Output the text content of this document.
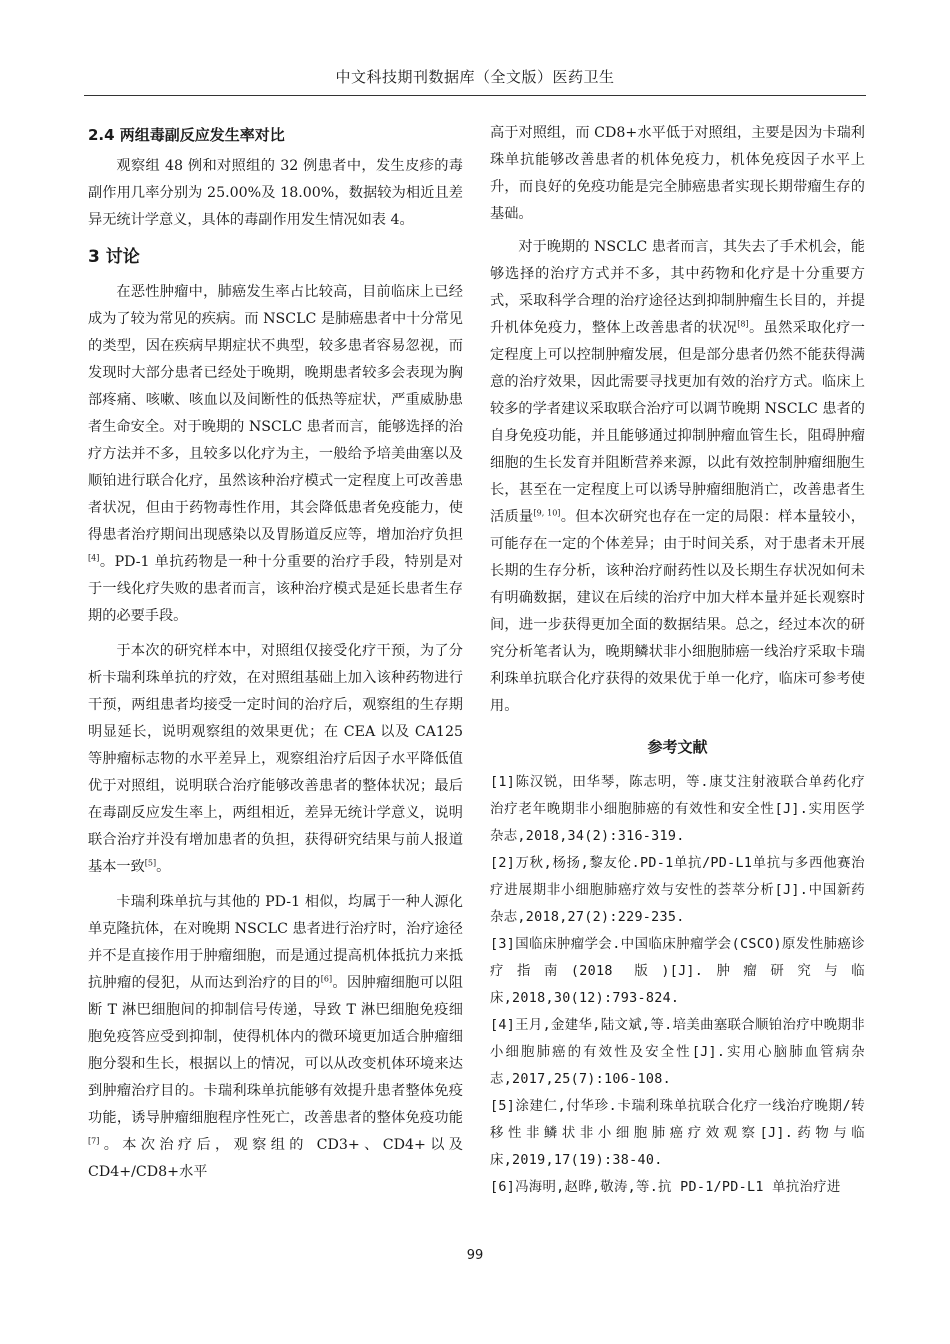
中文科技期刊数据库（全文版）医药卫生
2.4 两组毒副反应发生率对比

观察组 48 例和对照组的 32 例患者中，发生皮疹的毒副作用几率分别为 25.00%及 18.00%，数据较为相近且差异无统计学意义，具体的毒副作用发生情况如表 4。

3 讨论

在恶性肿瘤中，肺癌发生率占比较高，目前临床上已经成为了较为常见的疾病。而 NSCLC 是肺癌患者中十分常见的类型，因在疾病早期症状不典型，较多患者容易忽视，而发现时大部分患者已经处于晚期，晚期患者较多会表现为胸部疼痛、咳嗽、咳血以及间断性的低热等症状，严重威胁患者生命安全。对于晚期的 NSCLC 患者而言，能够选择的治疗方法并不多，且较多以化疗为主，一般给予培美曲塞以及顺铂进行联合化疗，虽然该种治疗模式一定程度上可改善患者状况，但由于药物毒性作用，其会降低患者免疫能力，使得患者治疗期间出现感染以及胃肠道反应等，增加治疗负担[4]。PD-1 单抗药物是一种十分重要的治疗手段，特别是对于一线化疗失败的患者而言，该种治疗模式是延长患者生存期的必要手段。

于本次的研究样本中，对照组仅接受化疗干预，为了分析卡瑞利珠单抗的疗效，在对照组基础上加入该种药物进行干预，两组患者均接受一定时间的治疗后，观察组的生存期明显延长，说明观察组的效果更优；在 CEA 以及 CA125 等肿瘤标志物的水平差异上，观察组治疗后因子水平降低值优于对照组，说明联合治疗能够改善患者的整体状况；最后在毒副反应发生率上，两组相近，差异无统计学意义，说明联合治疗并没有增加患者的负担，获得研究结果与前人报道基本一致[5]。

卡瑞利珠单抗与其他的 PD-1 相似，均属于一种人源化单克隆抗体，在对晚期 NSCLC 患者进行治疗时，治疗途径并不是直接作用于肿瘤细胞，而是通过提高机体抵抗力来抵抗肿瘤的侵犯，从而达到治疗的目的[6]。因肿瘤细胞可以阻断 T 淋巴细胞间的抑制信号传递，导致 T 淋巴细胞免疫细胞免疫答应受到抑制，使得机体内的微环境更加适合肿瘤细胞分裂和生长，根据以上的情况，可以从改变机体环境来达到肿瘤治疗目的。卡瑞利珠单抗能够有效提升患者整体免疫功能，诱导肿瘤细胞程序性死亡，改善患者的整体免疫功能[7]。本次治疗后，观察组的 CD3+、CD4+以及 CD4+/CD8+水平

高于对照组，而 CD8+水平低于对照组，主要是因为卡瑞利珠单抗能够改善患者的机体免疫力，机体免疫因子水平上升，而良好的免疫功能是完全肺癌患者实现长期带瘤生存的基础。

对于晚期的 NSCLC 患者而言，其失去了手术机会，能够选择的治疗方式并不多，其中药物和化疗是十分重要方式，采取科学合理的治疗途径达到抑制肿瘤生长目的，并提升机体免疫力，整体上改善患者的状况[8]。虽然采取化疗一定程度上可以控制肿瘤发展，但是部分患者仍然不能获得满意的治疗效果，因此需要寻找更加有效的治疗方式。临床上较多的学者建议采取联合治疗可以调节晚期 NSCLC 患者的自身免疫功能，并且能够通过抑制肿瘤血管生长，阻碍肿瘤细胞的生长发育并阻断营养来源，以此有效控制肿瘤细胞生长，甚至在一定程度上可以诱导肿瘤细胞消亡，改善患者生活质量[9, 10]。但本次研究也存在一定的局限：样本量较小，可能存在一定的个体差异；由于时间关系，对于患者未开展长期的生存分析，该种治疗耐药性以及长期生存状况如何未有明确数据，建议在后续的治疗中加大样本量并延长观察时间，进一步获得更加全面的数据结果。总之，经过本次的研究分析笔者认为，晚期鳞状非小细胞肺癌一线治疗采取卡瑞利珠单抗联合化疗获得的效果优于单一化疗，临床可参考使用。

参考文献
[1]陈汉锐，田华琴，陈志明，等.康艾注射液联合单药化疗治疗老年晚期非小细胞肺癌的有效性和安全性[J].实用医学杂志,2018,34(2):316-319.
[2]万秋,杨扬,黎友伦.PD-1单抗/PD-L1单抗与多西他赛治疗进展期非小细胞肺癌疗效与安性的荟萃分析[J].中国新药杂志,2018,27(2):229-235.
[3]国临床肿瘤学会.中国临床肿瘤学会(CSCO)原发性肺癌诊疗指南(2018 版)[J].肿瘤研究与临床,2018,30(12):793-824.
[4]王月,金建华,陆文斌,等.培美曲塞联合顺铂治疗中晚期非小细胞肺癌的有效性及安全性[J].实用心脑肺血管病杂志,2017,25(7):106-108.
[5]涂建仁,付华珍.卡瑞利珠单抗联合化疗一线治疗晚期/转移性非鳞状非小细胞肺癌疗效观察[J].药物与临床,2019,17(19):38-40.
[6]冯海明,赵晔,敬涛,等.抗 PD-1/PD-L1 单抗治疗进
99
